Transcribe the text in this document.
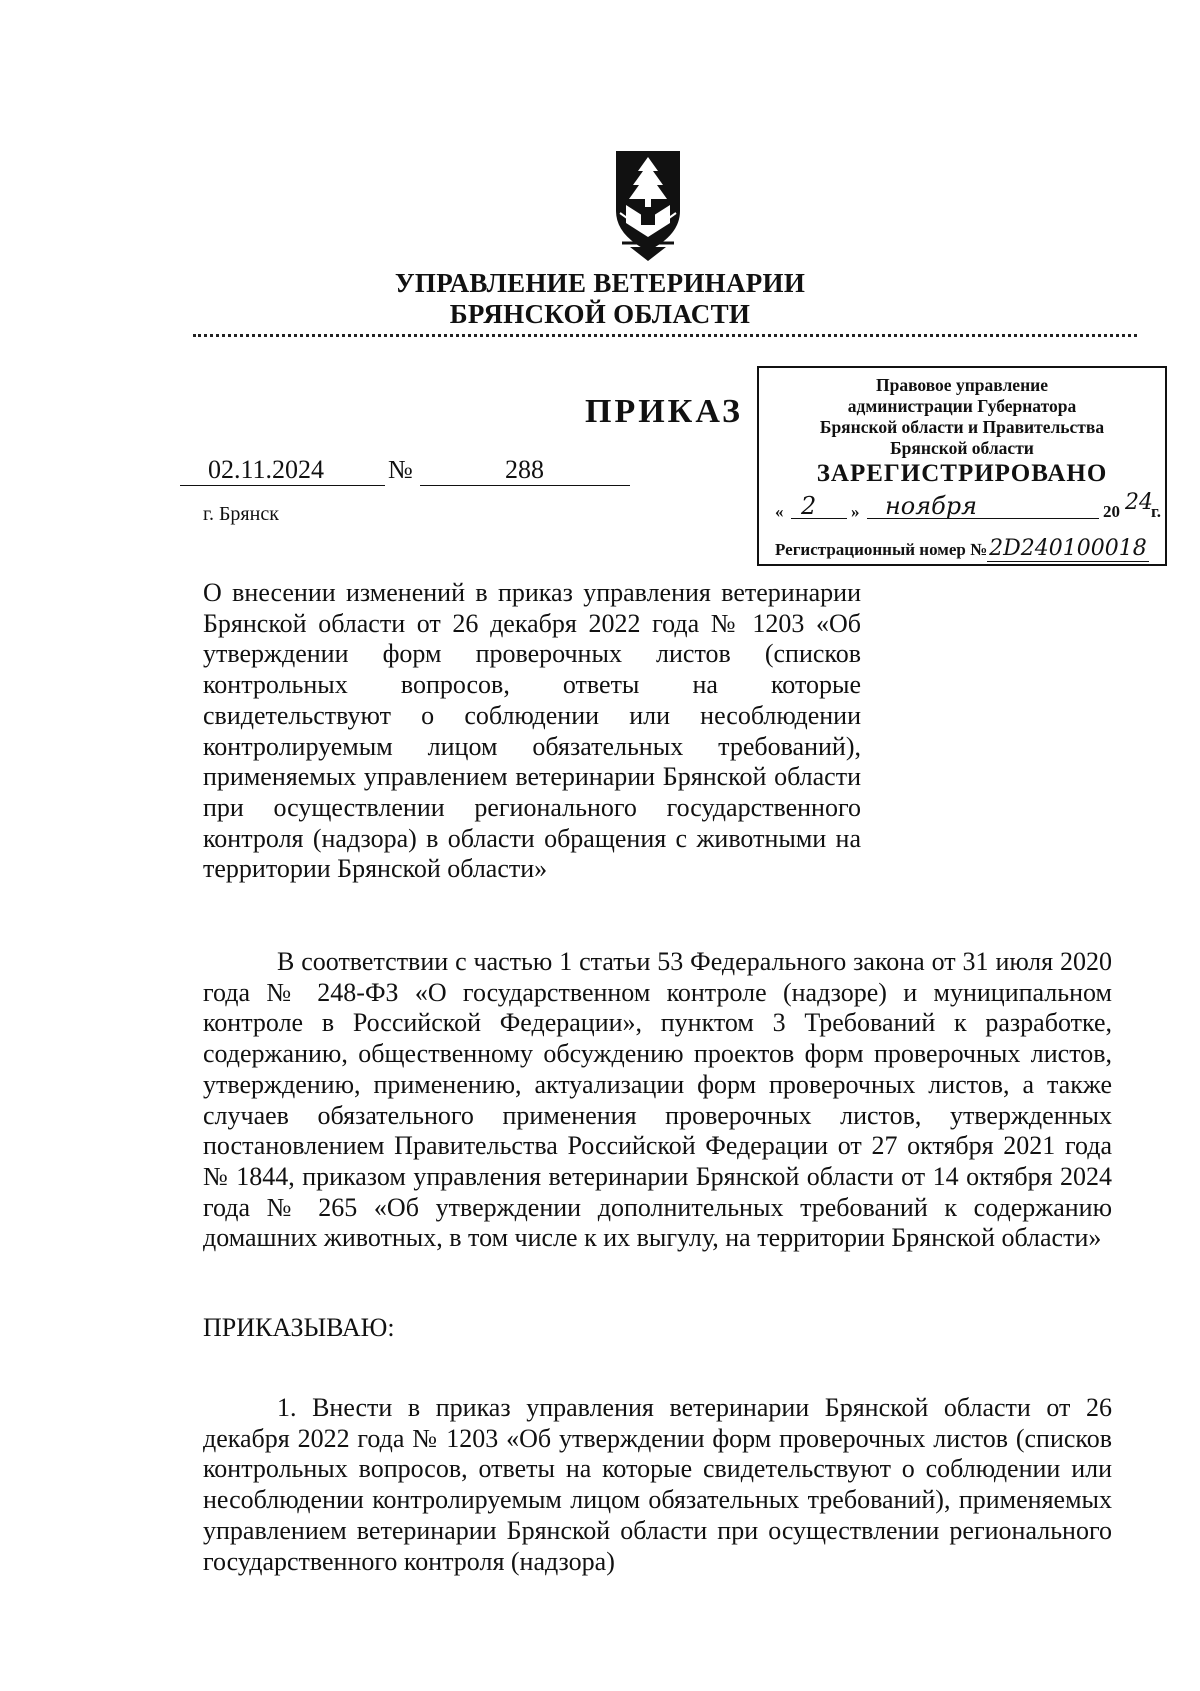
УПРАВЛЕНИЕ ВЕТЕРИНАРИИ
БРЯНСКОЙ ОБЛАСТИ
ПРИКАЗ
02.11.2024 №	288
г. Брянск
Правовое управление
администрации Губернатора
Брянской области и Правительства
Брянской области
ЗАРЕГИСТРИРОВАНО
« 2 » ноября	20 24
г.
Регистрационный номер №2D240100018
О внесении изменений в приказ управления ветеринарии Брянской области от 26 декабря 2022 года № 1203 «Об утверждении форм проверочных листов (списков контрольных вопросов, ответы на которые свидетельствуют о соблюдении или несоблюдении контролируемым лицом обязательных требований), применяемых управлением ветеринарии Брянской области при осуществлении регионального государственного контроля (надзора) в области обращения с животными на территории Брянской области»
В соответствии с частью 1 статьи 53 Федерального закона от 31 июля 2020 года № 248-ФЗ «О государственном контроле (надзоре) и муниципальном контроле в Российской Федерации», пунктом 3 Требований к разработке, содержанию, общественному обсуждению проектов форм проверочных листов, утверждению, применению, актуализации форм проверочных листов, а также случаев обязательного применения проверочных листов, утвержденных постановлением Правительства Российской Федерации от 27 октября 2021 года № 1844, приказом управления ветеринарии Брянской области от 14 октября 2024 года № 265 «Об утверждении дополнительных требований к содержанию домашних животных, в том числе к их выгулу, на территории Брянской области»
ПРИКАЗЫВАЮ:
1. Внести в приказ управления ветеринарии Брянской области от 26 декабря 2022 года № 1203 «Об утверждении форм проверочных листов (списков контрольных вопросов, ответы на которые свидетельствуют о соблюдении или несоблюдении контролируемым лицом обязательных требований), применяемых управлением ветеринарии Брянской области при осуществлении регионального государственного контроля (надзора)
